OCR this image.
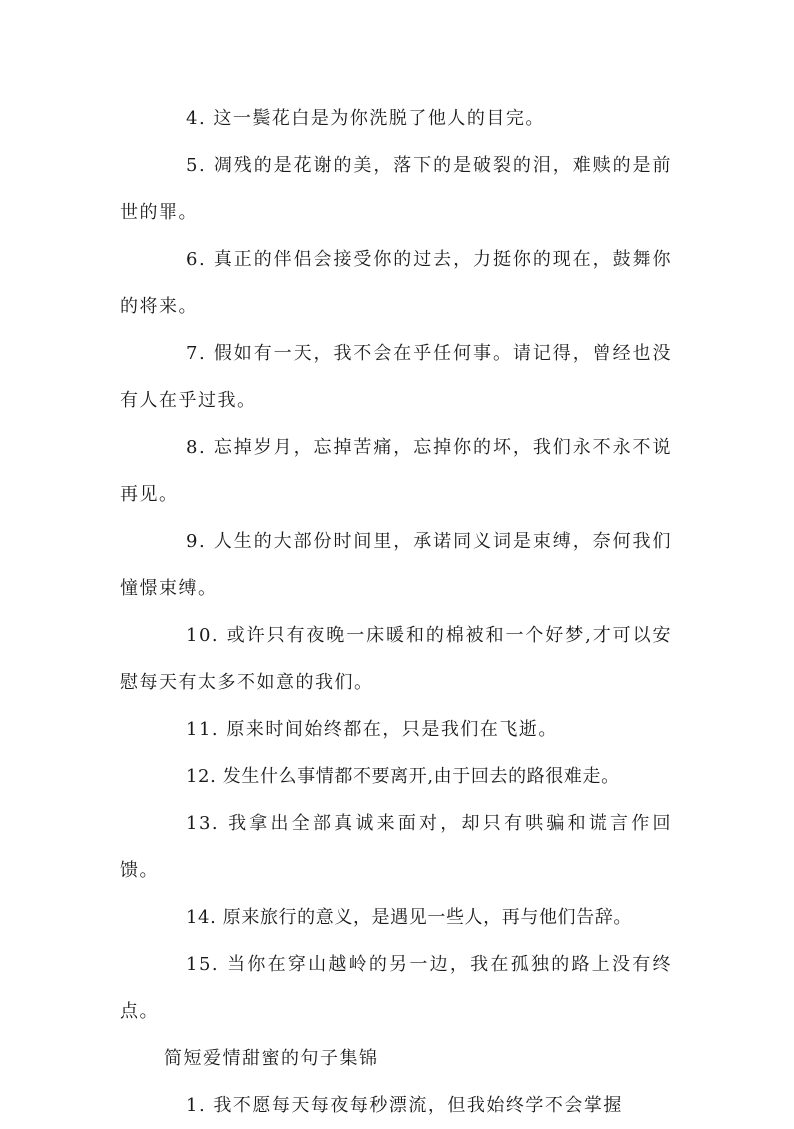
4. 这一鬓花白是为你洗脱了他人的目完。

5. 凋残的是花谢的美，落下的是破裂的泪，难赎的是前世的罪。

6. 真正的伴侣会接受你的过去，力挺你的现在，鼓舞你的将来。

7. 假如有一天，我不会在乎任何事。请记得，曾经也没有人在乎过我。

8. 忘掉岁月，忘掉苦痛，忘掉你的坏，我们永不永不说再见。

9. 人生的大部份时间里，承诺同义词是束缚，奈何我们憧憬束缚。

10. 或许只有夜晚一床暖和的棉被和一个好梦,才可以安慰每天有太多不如意的我们。

11. 原来时间始终都在，只是我们在飞逝。

12. 发生什么事情都不要离开,由于回去的路很难走。

13. 我拿出全部真诚来面对，却只有哄骗和谎言作回馈。

14. 原来旅行的意义，是遇见一些人，再与他们告辞。

15. 当你在穿山越岭的另一边，我在孤独的路上没有终点。

简短爱情甜蜜的句子集锦

1. 我不愿每天每夜每秒漂流，但我始终学不会掌握
